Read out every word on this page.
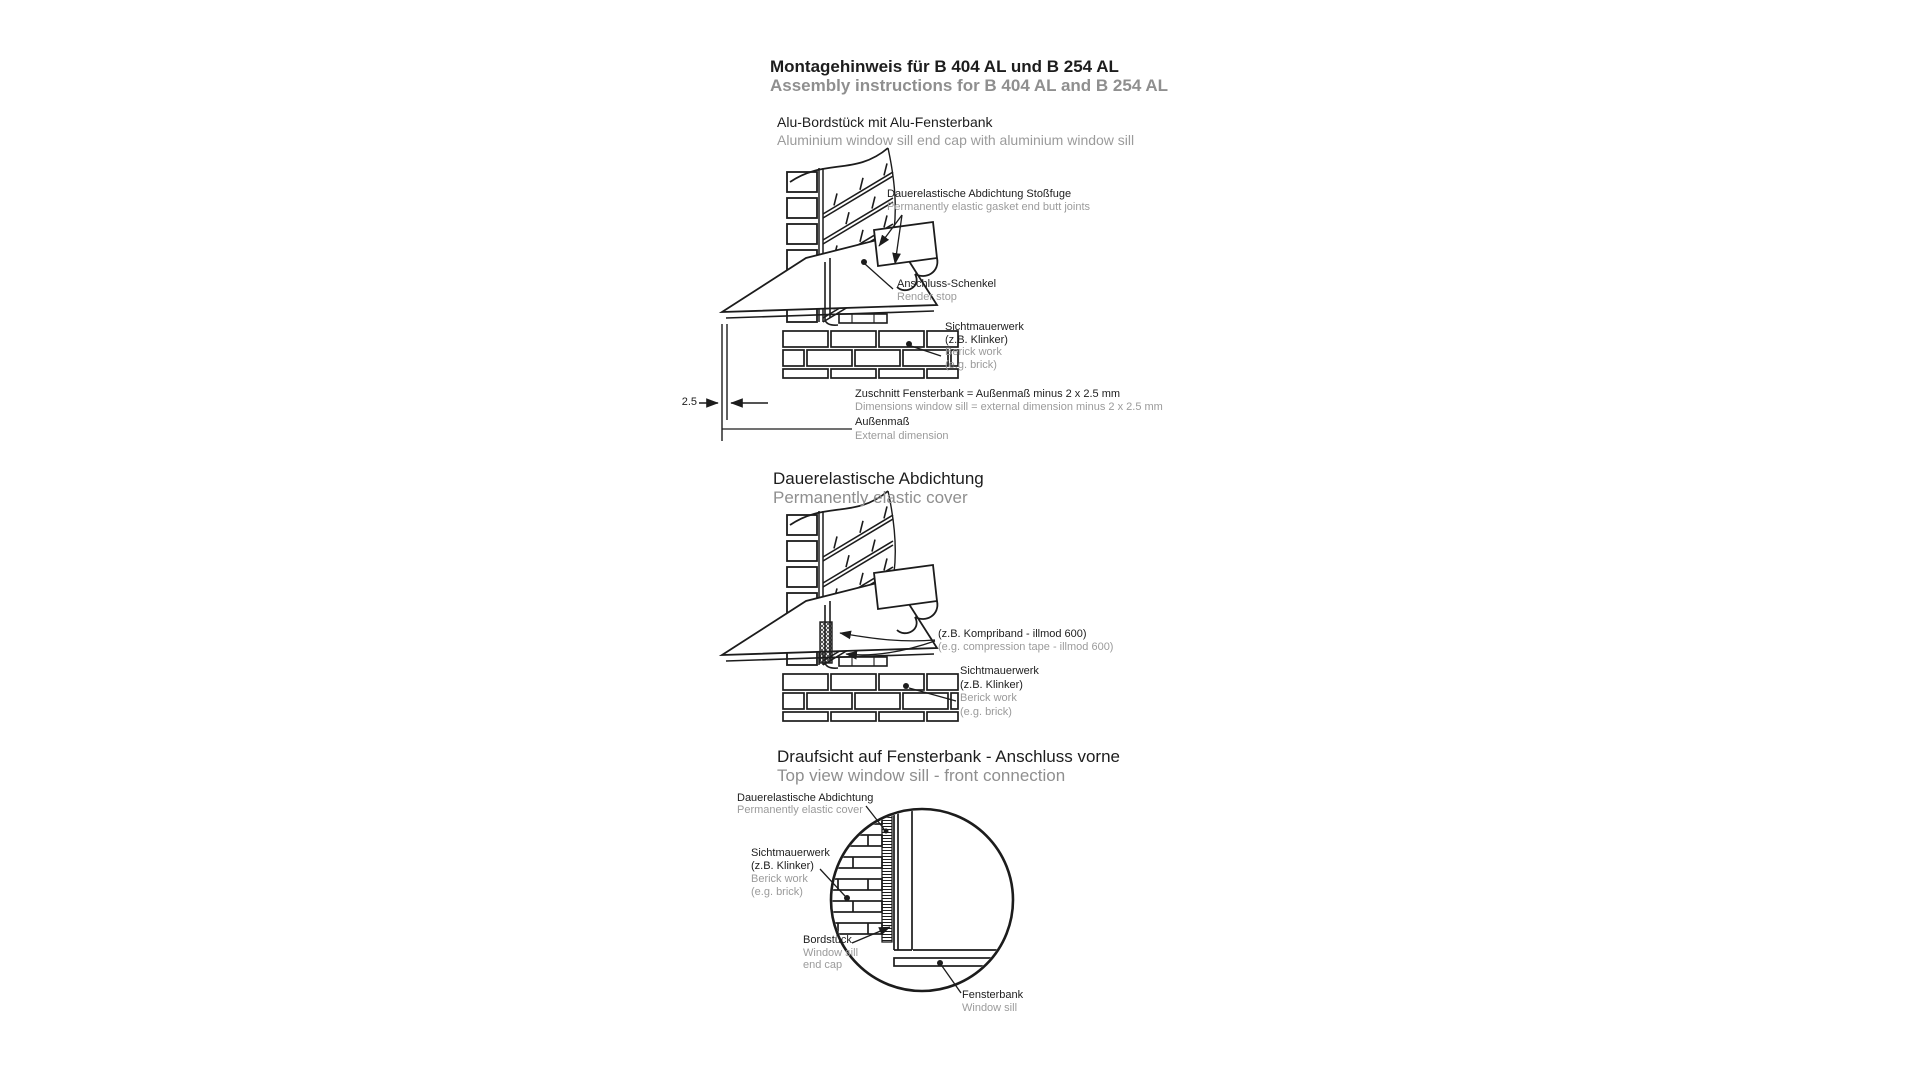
Montagehinweis für B 404 AL und B 254 AL
Assembly instructions for B 404 AL and B 254 AL
Alu-Bordstück mit Alu-Fensterbank
Aluminium window sill end cap with aluminium window sill
Dauerelastische Abdichtung Stoßfuge
Permanently elastic gasket end butt joints
Anschluss-Schenkel
Render stop
Sichtmauerwerk
(z.B. Klinker)
Berick work
(e.g. brick)
2.5
Zuschnitt Fensterbank = Außenmaß minus 2 x 2.5 mm
Dimensions window sill = external dimension minus 2 x 2.5 mm
Außenmaß
External dimension
Dauerelastische Abdichtung
Permanently elastic cover
(z.B. Kompriband - illmod 600)
(e.g. compression tape - illmod 600)
Sichtmauerwerk
(z.B. Klinker)
Berick work
(e.g. brick)
Draufsicht auf Fensterbank - Anschluss vorne
Top view window sill - front connection
Dauerelastische Abdichtung
Permanently elastic cover
Sichtmauerwerk
(z.B. Klinker)
Berick work
(e.g. brick)
Bordstück
Window sill
end cap
Fensterbank
Window sill
